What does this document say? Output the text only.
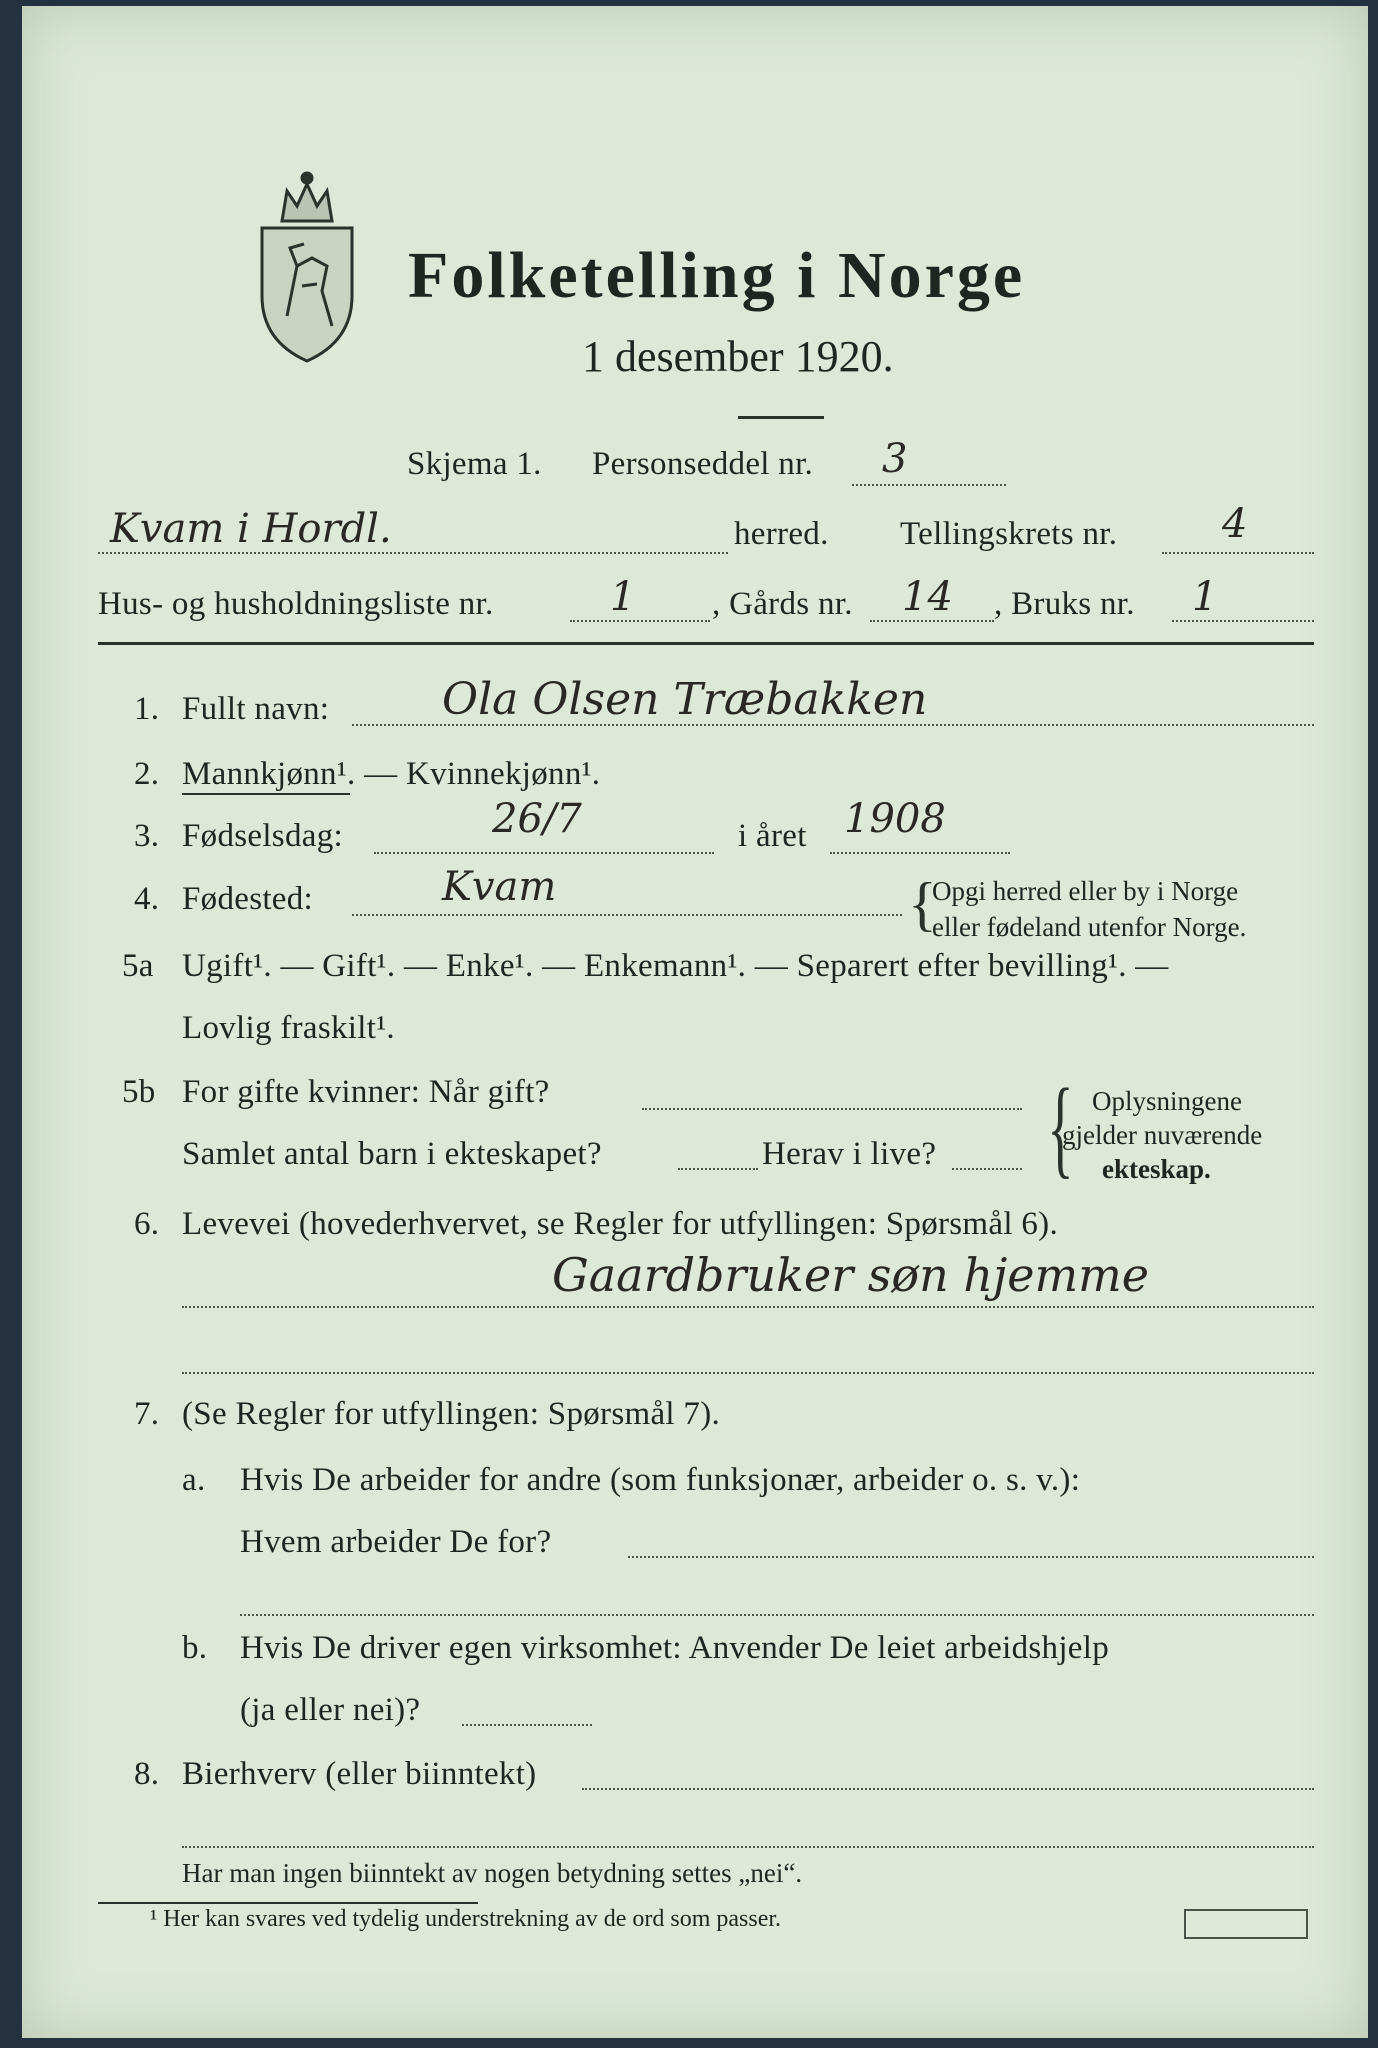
Folketelling i Norge
1 desember 1920.
Skjema 1. Personseddel nr. 3
Kvam i Hordl.	herred. Tellingskrets nr.	4
Hus- og husholdningsliste nr.	1 , Gårds nr. 14 , Bruks nr. 1
1. Fullt navn:	Ola Olsen Træbakken
2. Mannkjønn¹. — Kvinnekjønn¹.
3. Fødselsdag:	26/7	i året 1908
4. Fødested:	Kvam	{
Opgi herred eller by i Norge
eller fødeland utenfor Norge.
5a Ugift¹. — Gift¹. — Enke¹. — Enkemann¹. — Separert efter bevilling¹. —
Lovlig fraskilt¹.
5b For gifte kvinner: Når gift?
Samlet antal barn i ekteskapet?	Herav i live? { Oplysningene
gjelder nuværende
ekteskap.
6. Levevei (hovederhvervet, se Regler for utfyllingen: Spørsmål 6).
Gaardbruker søn hjemme
7. (Se Regler for utfyllingen: Spørsmål 7).
a. Hvis De arbeider for andre (som funksjonær, arbeider o. s. v.):
Hvem arbeider De for?
b. Hvis De driver egen virksomhet: Anvender De leiet arbeidshjelp
(ja eller nei)?
8. Bierhverv (eller biinntekt)
Har man ingen biinntekt av nogen betydning settes „nei“.
¹ Her kan svares ved tydelig understrekning av de ord som passer.
